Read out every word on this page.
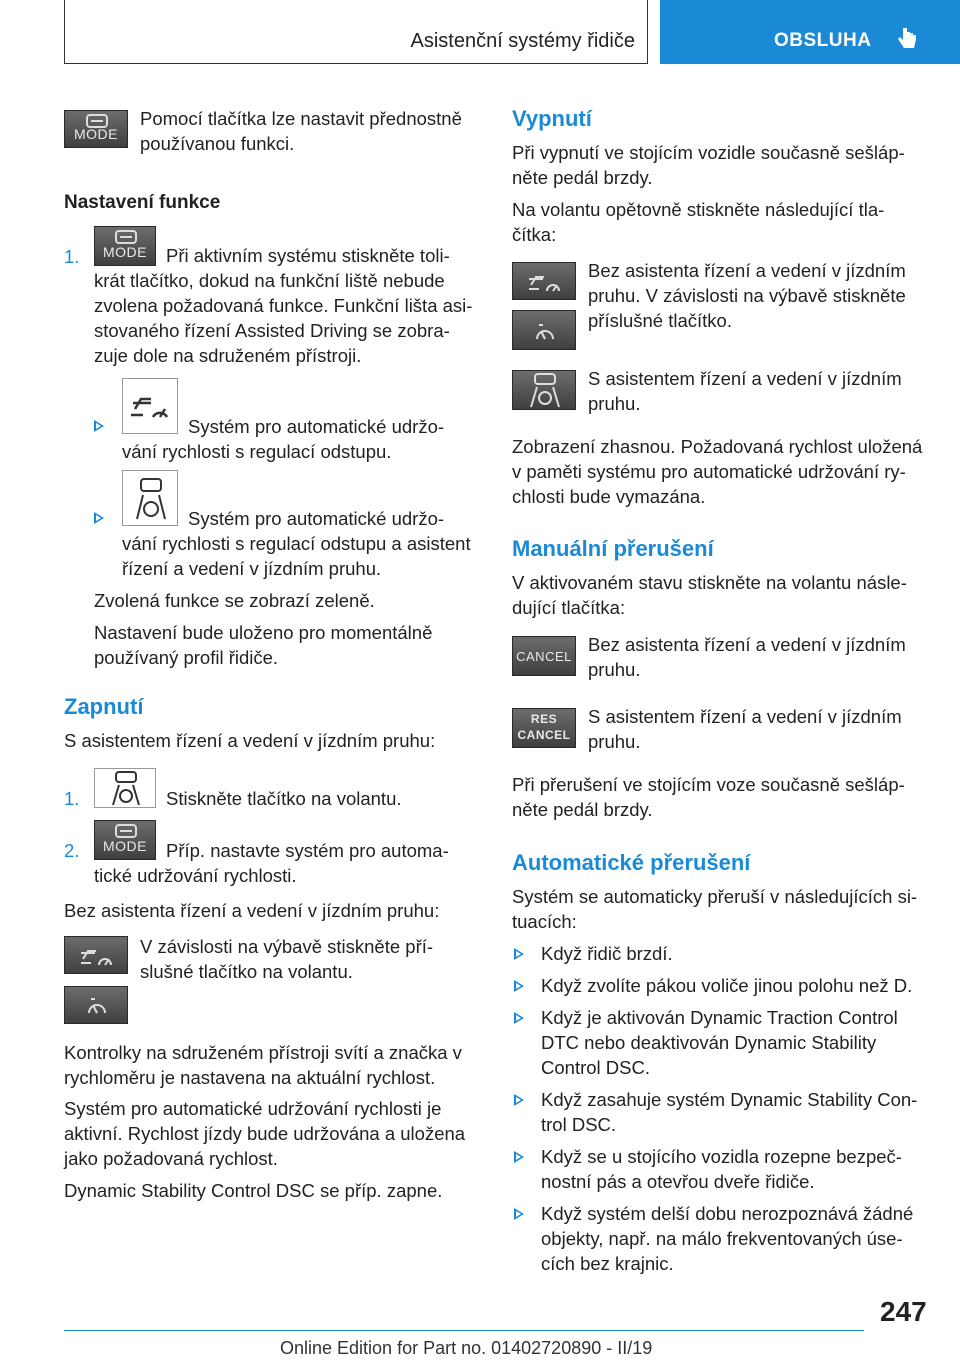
Asistenční systémy řidiče	OBSLUHA
MODE
Pomocí tlačítka lze nastavit přednostně
používanou funkci.
Nastavení funkce
1.	MODE	Při aktivním systému stiskněte toli-
krát tlačítko, dokud na funkční liště nebude
zvolena požadovaná funkce. Funkční lišta asi-
stovaného řízení Assisted Driving se zobra-
zuje dole na sdruženém přístroji.
Systém pro automatické udržo-
vání rychlosti s regulací odstupu.
Systém pro automatické udržo-
vání rychlosti s regulací odstupu a asistent
řízení a vedení v jízdním pruhu.
Zvolená funkce se zobrazí zeleně.
Nastavení bude uloženo pro momentálně
používaný profil řidiče.
Zapnutí
S asistentem řízení a vedení v jízdním pruhu:
1.	Stiskněte tlačítko na volantu.
2.	MODE	Příp. nastavte systém pro automa-
tické udržování rychlosti.
Bez asistenta řízení a vedení v jízdním pruhu:
V závislosti na výbavě stiskněte pří-
slušné tlačítko na volantu.
Kontrolky na sdruženém přístroji svítí a značka v
rychloměru je nastavena na aktuální rychlost.
Systém pro automatické udržování rychlosti je
aktivní. Rychlost jízdy bude udržována a uložena
jako požadovaná rychlost.
Dynamic Stability Control DSC se příp. zapne.
Vypnutí
Při vypnutí ve stojícím vozidle současně sešláp-
něte pedál brzdy.
Na volantu opětovně stiskněte následující tla-
čítka:
Bez asistenta řízení a vedení v jízdním
pruhu. V závislosti na výbavě stiskněte
příslušné tlačítko.
S asistentem řízení a vedení v jízdním
pruhu.
Zobrazení zhasnou. Požadovaná rychlost uložená
v paměti systému pro automatické udržování ry-
chlosti bude vymazána.
Manuální přerušení
V aktivovaném stavu stiskněte na volantu násle-
dující tlačítka:
CANCEL
Bez asistenta řízení a vedení v jízdním
pruhu.
RES
CANCEL
S asistentem řízení a vedení v jízdním
pruhu.
Při přerušení ve stojícím voze současně sešláp-
něte pedál brzdy.
Automatické přerušení
Systém se automaticky přeruší v následujících si-
tuacích:
Když řidič brzdí.
Když zvolíte pákou voliče jinou polohu než D.
Když je aktivován Dynamic Traction Control
DTC nebo deaktivován Dynamic Stability
Control DSC.
Když zasahuje systém Dynamic Stability Con-
trol DSC.
Když se u stojícího vozidla rozepne bezpeč-
nostní pás a otevřou dveře řidiče.
Když systém delší dobu nerozpoznává žádné
objekty, např. na málo frekventovaných úse-
cích bez krajnic.
247
Online Edition for Part no. 01402720890 - II/19
